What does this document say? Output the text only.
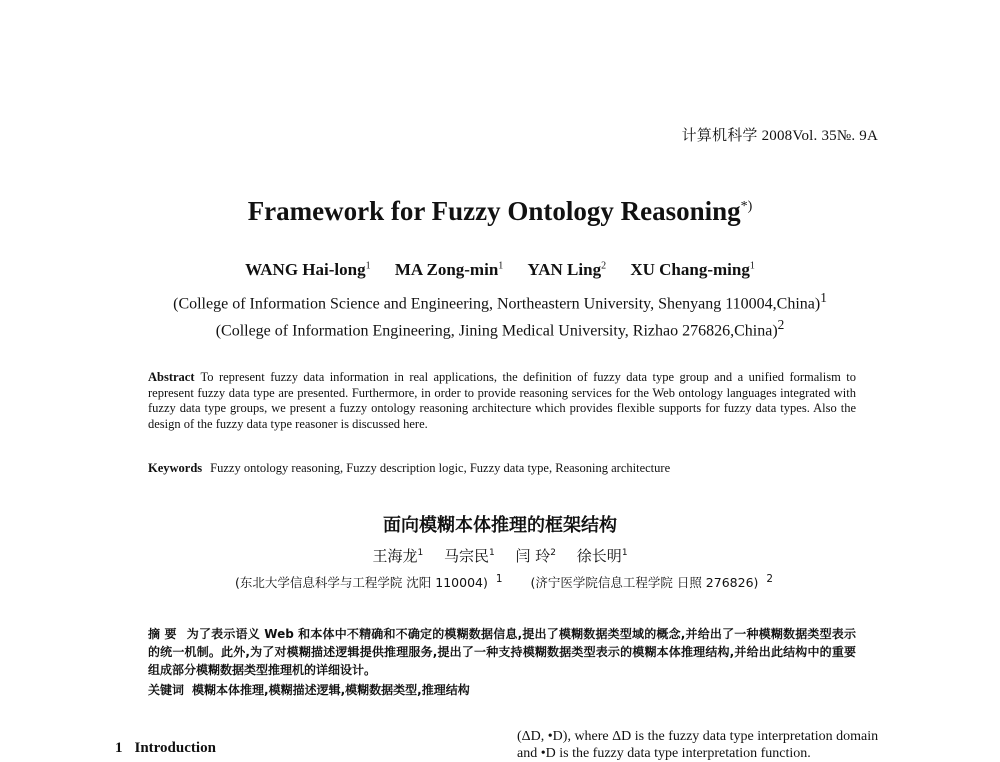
计算机科学 2008Vol. 35№. 9A
Framework for Fuzzy Ontology Reasoning*)
WANG Hai-long$^1$ MA Zong-$\min^1$ YAN Ling$^2$ XU Chang-ming$^1$
(College of Information Science and Engineering, Northeastern University, Shenyang 110004,China)$^1$
(College of Information Engineering, Jining Medical University, Rizhao 276826,China)$^2$
Abstract To represent fuzzy data information in real applications, the definition of fuzzy data type group and a unified formalism to represent fuzzy data type are presented. Furthermore, in order to provide reasoning services for the Web ontology languages integrated with fuzzy data type groups, we present a fuzzy ontology reasoning architecture which provides flexible supports for fuzzy data types. Also the design of the fuzzy data type reasoner is discussed here.
Keywords Fuzzy ontology reasoning, Fuzzy description logic, Fuzzy data type, Reasoning architecture
面向模糊本体推理的框架结构
王海龙$^1$ 马宗民$^1$ 闫 玲$^2$ 徐长明$^1$
(东北大学信息科学与工程学院 沈阳 110004) $^1$ (济宁医学院信息工程学院 日照 276826) $^2$
摘 要 为了表示语义 Web 和本体中不精确和不确定的模糊数据信息,提出了模糊数据类型域的概念,并给出了一种模糊数据类型表示的统一机制。此外,为了对模糊描述逻辑提供推理服务,提出了一种支持模糊数据类型表示的模糊本体推理结构,并给出此结构中的重要组成部分模糊数据类型推理机的详细设计。
关键词 模糊本体推理,模糊描述逻辑,模糊数据类型,推理结构
1 Introduction
(ΔD, •D), where ΔD is the fuzzy data type interpretation domain and •D is the fuzzy data type interpretation function.
